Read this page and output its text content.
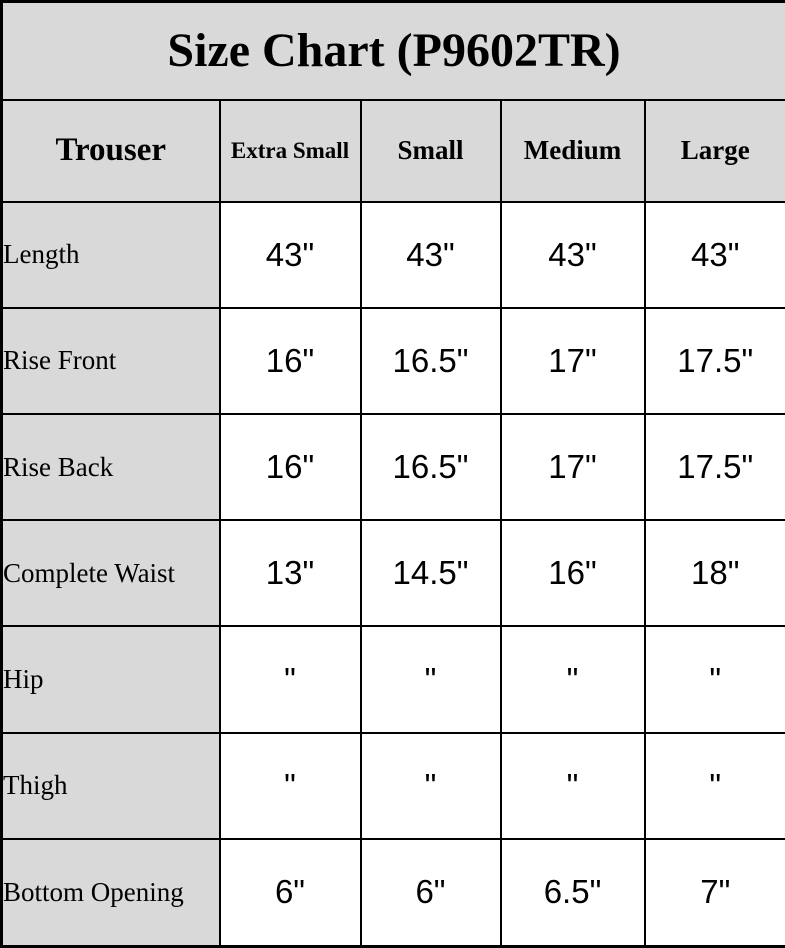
Size Chart (P9602TR)				
Trouser	Extra Small	Small	Medium	Large
Length	43"	43"	43"	43"
Rise Front	16"	16.5"	17"	17.5"
Rise Back	16"	16.5"	17"	17.5"
Complete Waist	13"	14.5"	16"	18"
Hip	"	"	"	"
Thigh	"	"	"	"
Bottom Opening	6"	6"	6.5"	7"
